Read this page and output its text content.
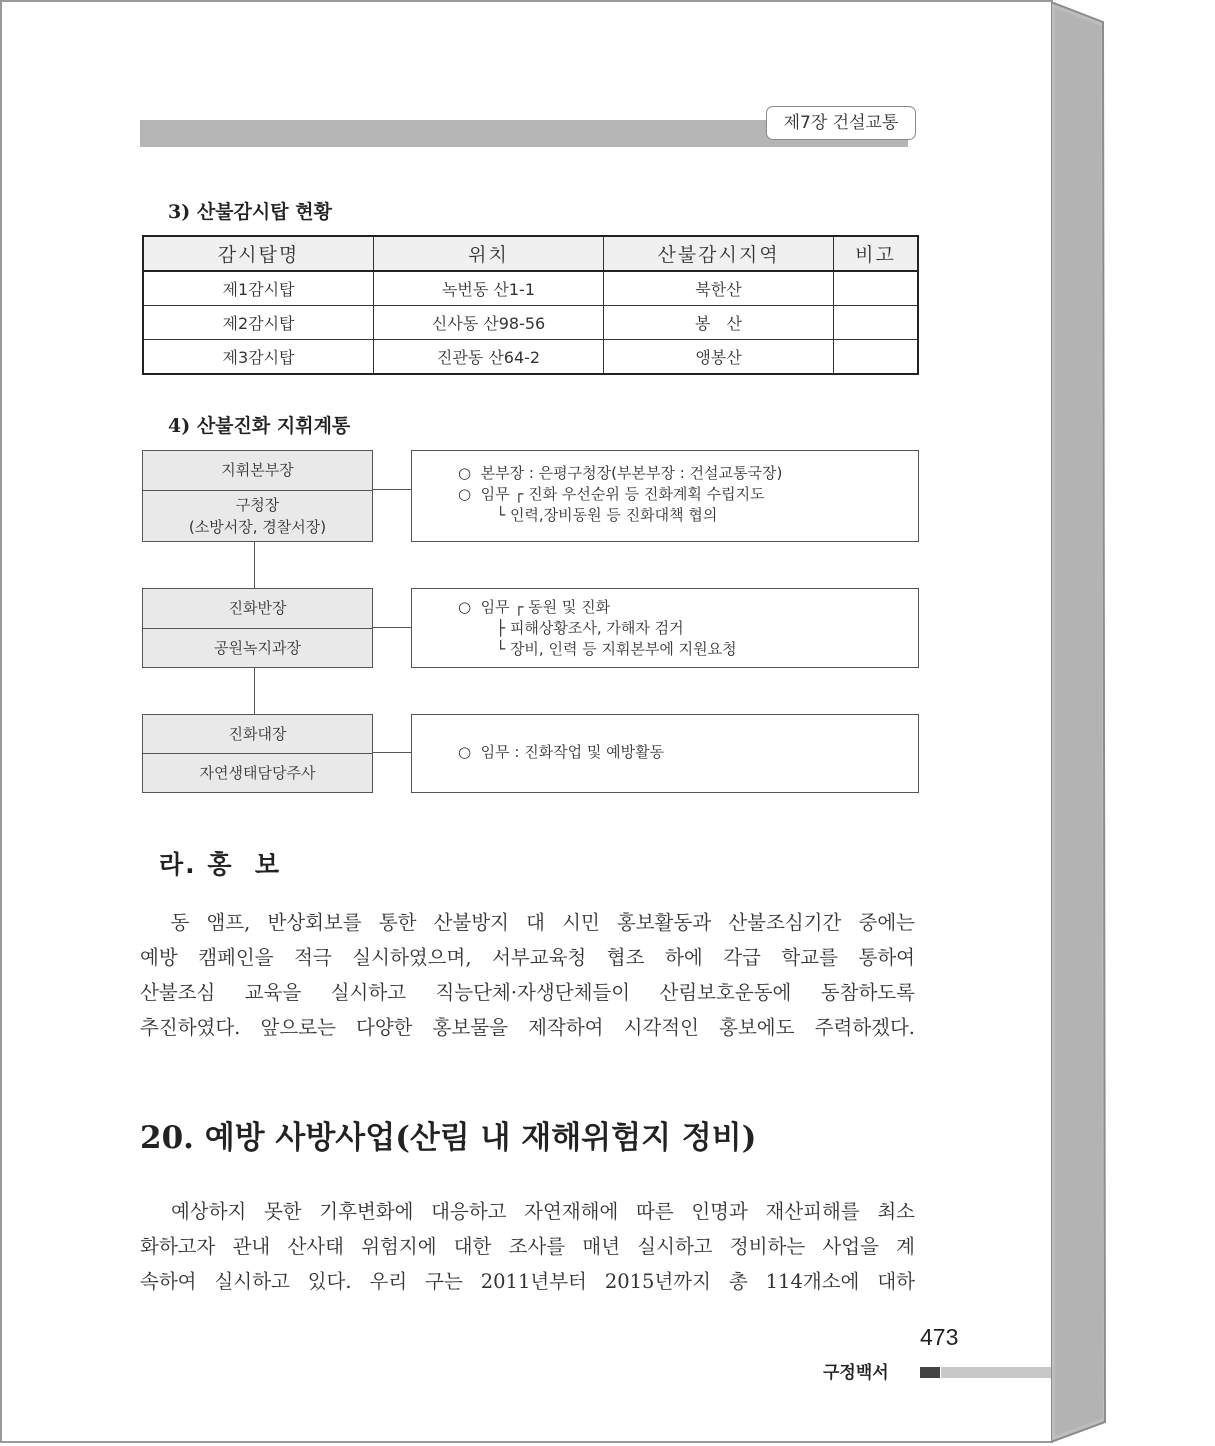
제7장 건설교통
3) 산불감시탑 현황
감시탑명	위치	산불감시지역	비고
제1감시탑	녹번동 산1-1	북한산	
제2감시탑	신사동 산98-56	봉　산	
제3감시탑	진관동 산64-2	앵봉산	
4) 산불진화 지휘계통
지휘본부장
구청장
(소방서장, 경찰서장)
○  본부장 : 은평구청장(부본부장 : 건설교통국장)
○  임무 ┌ 진화 우선순위 등 진화계획 수립지도
└ 인력,장비동원 등 진화대책 협의
진화반장
공원녹지과장
○  임무 ┌ 동원 및 진화
├ 피해상황조사, 가해자 검거
└ 장비, 인력 등 지휘본부에 지원요청
진화대장
자연생태담당주사
○  임무 : 진화작업 및 예방활동
라. 홍  보
　동 앰프, 반상회보를 통한 산불방지 대 시민 홍보활동과 산불조심기간 중에는
예방 캠페인을 적극 실시하였으며, 서부교육청 협조 하에 각급 학교를 통하여
산불조심 교육을 실시하고 직능단체·자생단체들이 산림보호운동에 동참하도록
추진하였다. 앞으로는 다양한 홍보물을 제작하여 시각적인 홍보에도 주력하겠다.
20. 예방 사방사업(산림 내 재해위험지 정비)
　예상하지 못한 기후변화에 대응하고 자연재해에 따른 인명과 재산피해를 최소
화하고자 관내 산사태 위험지에 대한 조사를 매년 실시하고 정비하는 사업을 계
속하여 실시하고 있다. 우리 구는 2011년부터 2015년까지 총 114개소에 대하
473
구정백서
